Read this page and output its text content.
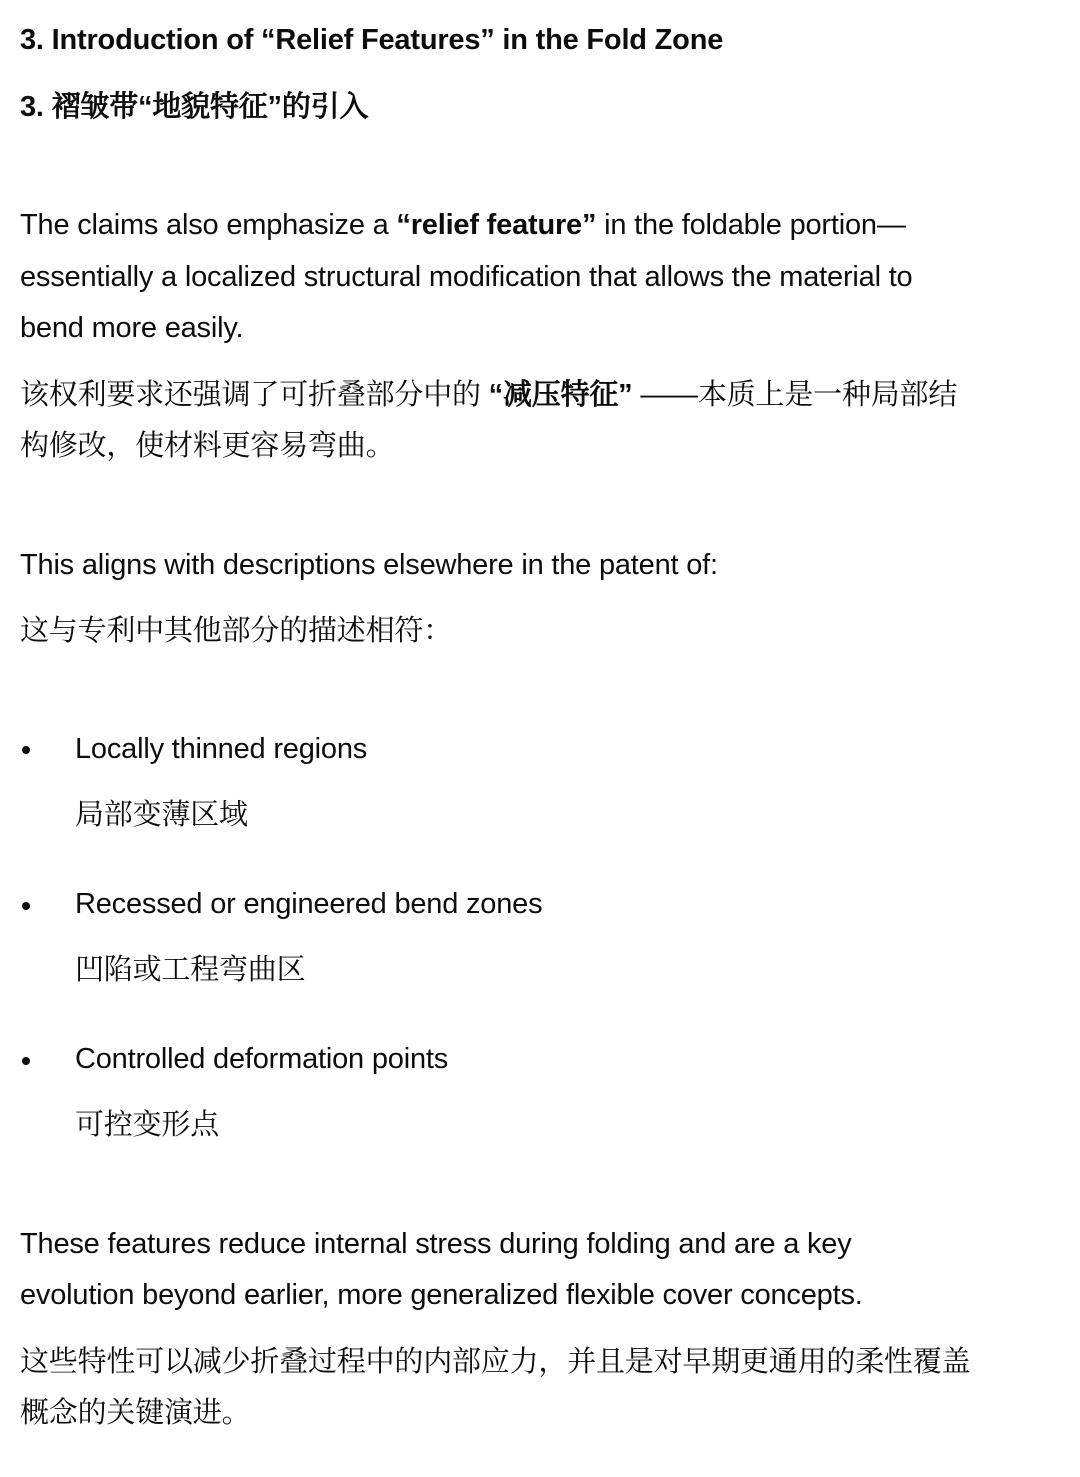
3. Introduction of “Relief Features” in the Fold Zone
3. 褶皱带“地貌特征”的引入
The claims also emphasize a “relief feature” in the foldable portion—
essentially a localized structural modification that allows the material to
bend more easily.
该权利要求还强调了可折叠部分中的 “减压特征” ——本质上是一种局部结
构修改，使材料更容易弯曲。
This aligns with descriptions elsewhere in the patent of:
这与专利中其他部分的描述相符：
Locally thinned regions
局部变薄区域
Recessed or engineered bend zones
凹陷或工程弯曲区
Controlled deformation points
可控变形点
These features reduce internal stress during folding and are a key
evolution beyond earlier, more generalized flexible cover concepts.
这些特性可以减少折叠过程中的内部应力，并且是对早期更通用的柔性覆盖
概念的关键演进。
